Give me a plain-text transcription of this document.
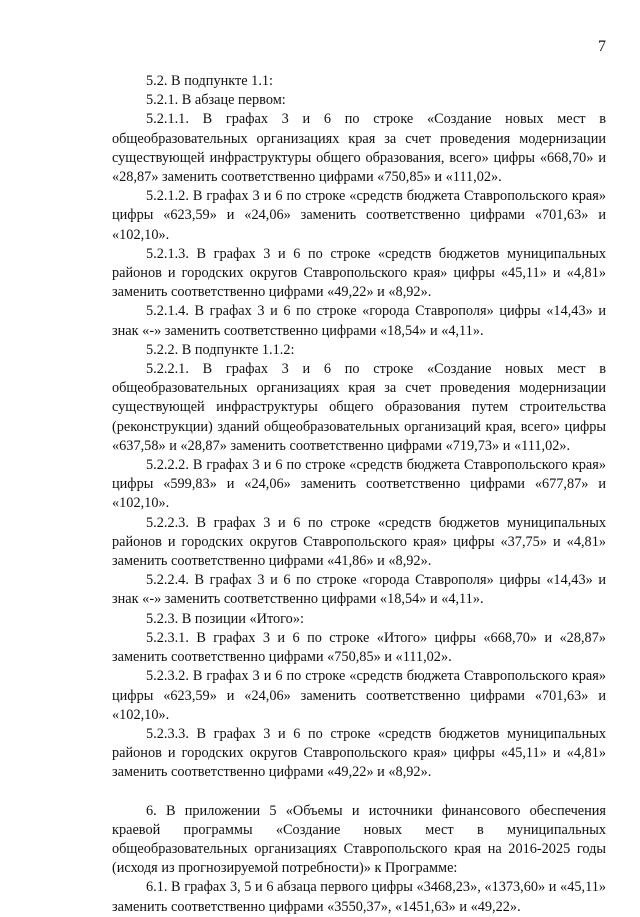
7

5.2. В подпункте 1.1:

5.2.1. В абзаце первом:

5.2.1.1. В графах 3 и 6 по строке «Создание новых мест в общеобразовательных организациях края за счет проведения модернизации существующей инфраструктуры общего образования, всего» цифры «668,70» и «28,87» заменить соответственно цифрами «750,85» и «111,02».

5.2.1.2. В графах 3 и 6 по строке «средств бюджета Ставропольского края» цифры «623,59» и «24,06» заменить соответственно цифрами «701,63» и «102,10».

5.2.1.3. В графах 3 и 6 по строке «средств бюджетов муниципальных районов и городских округов Ставропольского края» цифры «45,11» и «4,81» заменить соответственно цифрами «49,22» и «8,92».

5.2.1.4. В графах 3 и 6 по строке «города Ставрополя» цифры «14,43» и знак «-» заменить соответственно цифрами «18,54» и «4,11».

5.2.2. В подпункте 1.1.2:

5.2.2.1. В графах 3 и 6 по строке «Создание новых мест в общеобразовательных организациях края за счет проведения модернизации существующей инфраструктуры общего образования путем строительства (реконструкции) зданий общеобразовательных организаций края, всего» цифры «637,58» и «28,87» заменить соответственно цифрами «719,73» и «111,02».

5.2.2.2. В графах 3 и 6 по строке «средств бюджета Ставропольского края» цифры «599,83» и «24,06» заменить соответственно цифрами «677,87» и «102,10».

5.2.2.3. В графах 3 и 6 по строке «средств бюджетов муниципальных районов и городских округов Ставропольского края» цифры «37,75» и «4,81» заменить соответственно цифрами «41,86» и «8,92».

5.2.2.4. В графах 3 и 6 по строке «города Ставрополя» цифры «14,43» и знак «-» заменить соответственно цифрами «18,54» и «4,11».

5.2.3. В позиции «Итого»:

5.2.3.1. В графах 3 и 6 по строке «Итого» цифры «668,70» и «28,87» заменить соответственно цифрами «750,85» и «111,02».

5.2.3.2. В графах 3 и 6 по строке «средств бюджета Ставропольского края» цифры «623,59» и «24,06» заменить соответственно цифрами «701,63» и «102,10».

5.2.3.3. В графах 3 и 6 по строке «средств бюджетов муниципальных районов и городских округов Ставропольского края» цифры «45,11» и «4,81» заменить соответственно цифрами «49,22» и «8,92».

6. В приложении 5 «Объемы и источники финансового обеспечения краевой программы «Создание новых мест в муниципальных общеобразовательных организациях Ставропольского края на 2016-2025 годы (исходя из прогнозируемой потребности)» к Программе:

6.1. В графах 3, 5 и 6 абзаца первого цифры «3468,23», «1373,60» и «45,11» заменить соответственно цифрами «3550,37», «1451,63» и «49,22».
